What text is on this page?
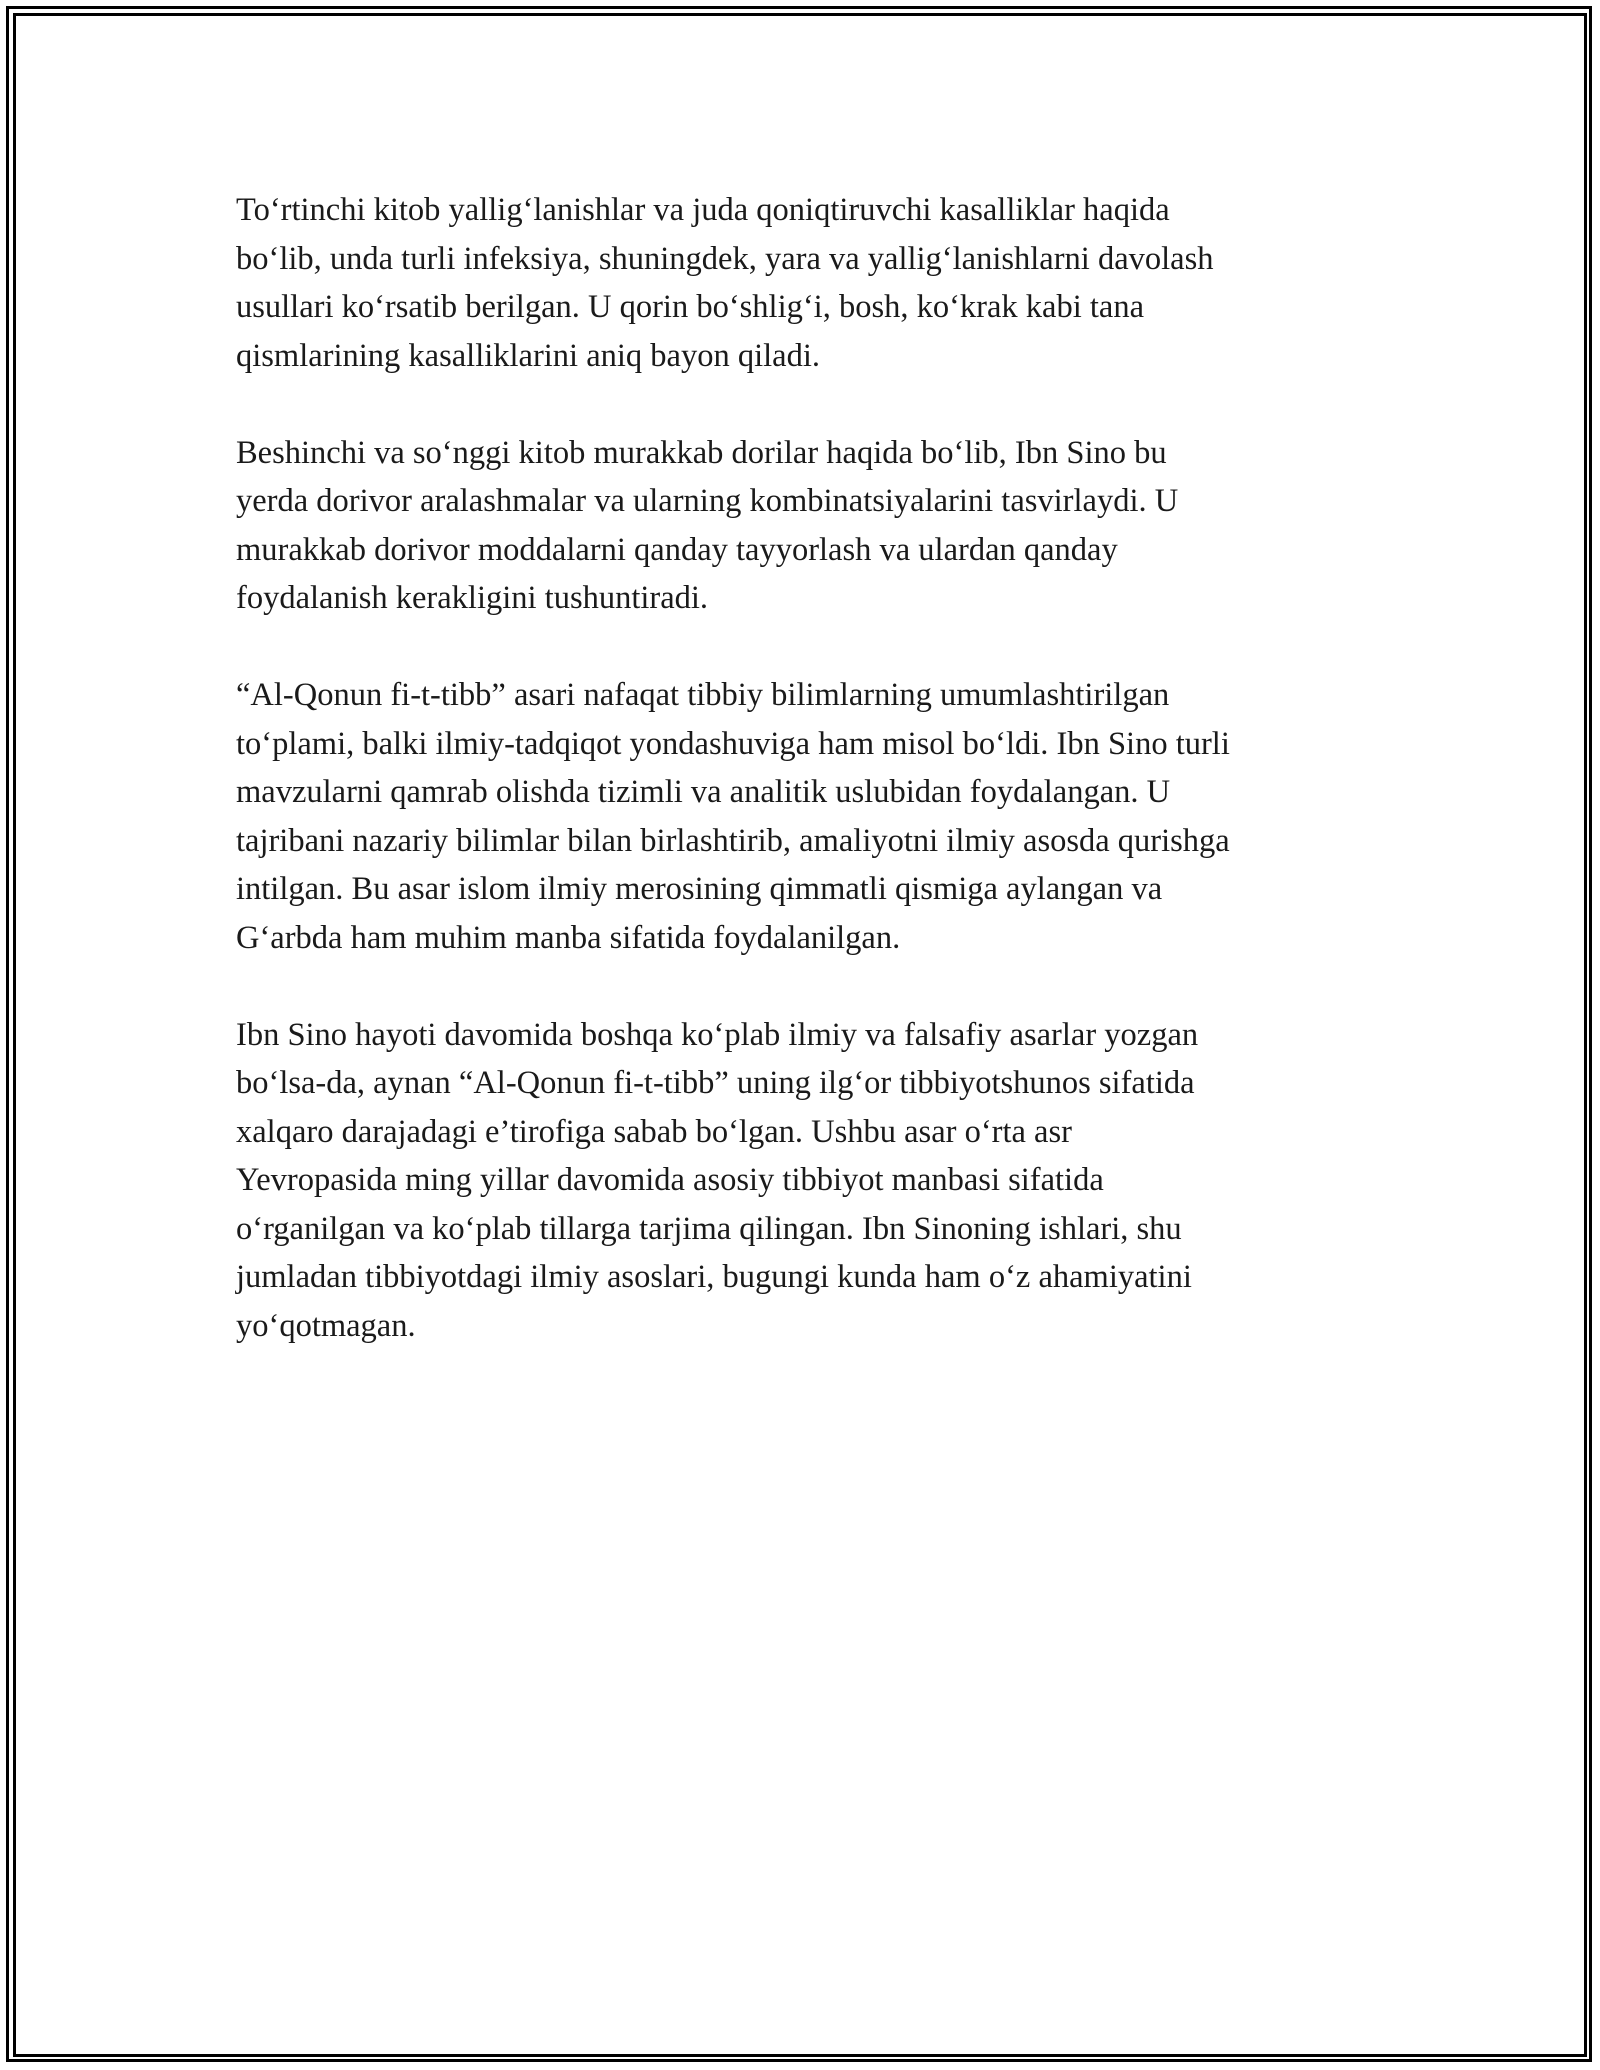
To‘rtinchi kitob yallig‘lanishlar va juda qoniqtiruvchi kasalliklar haqida
bo‘lib, unda turli infeksiya, shuningdek, yara va yallig‘lanishlarni davolash
usullari ko‘rsatib berilgan. U qorin bo‘shlig‘i, bosh, ko‘krak kabi tana
qismlarining kasalliklarini aniq bayon qiladi.

Beshinchi va so‘nggi kitob murakkab dorilar haqida bo‘lib, Ibn Sino bu
yerda dorivor aralashmalar va ularning kombinatsiyalarini tasvirlaydi. U
murakkab dorivor moddalarni qanday tayyorlash va ulardan qanday
foydalanish kerakligini tushuntiradi.

“Al-Qonun fi-t-tibb” asari nafaqat tibbiy bilimlarning umumlashtirilgan
to‘plami, balki ilmiy-tadqiqot yondashuviga ham misol bo‘ldi. Ibn Sino turli
mavzularni qamrab olishda tizimli va analitik uslubidan foydalangan. U
tajribani nazariy bilimlar bilan birlashtirib, amaliyotni ilmiy asosda qurishga
intilgan. Bu asar islom ilmiy merosining qimmatli qismiga aylangan va
G‘arbda ham muhim manba sifatida foydalanilgan.

Ibn Sino hayoti davomida boshqa ko‘plab ilmiy va falsafiy asarlar yozgan
bo‘lsa-da, aynan “Al-Qonun fi-t-tibb” uning ilg‘or tibbiyotshunos sifatida
xalqaro darajadagi e’tirofiga sabab bo‘lgan. Ushbu asar o‘rta asr
Yevropasida ming yillar davomida asosiy tibbiyot manbasi sifatida
o‘rganilgan va ko‘plab tillarga tarjima qilingan. Ibn Sinoning ishlari, shu
jumladan tibbiyotdagi ilmiy asoslari, bugungi kunda ham o‘z ahamiyatini
yo‘qotmagan.
